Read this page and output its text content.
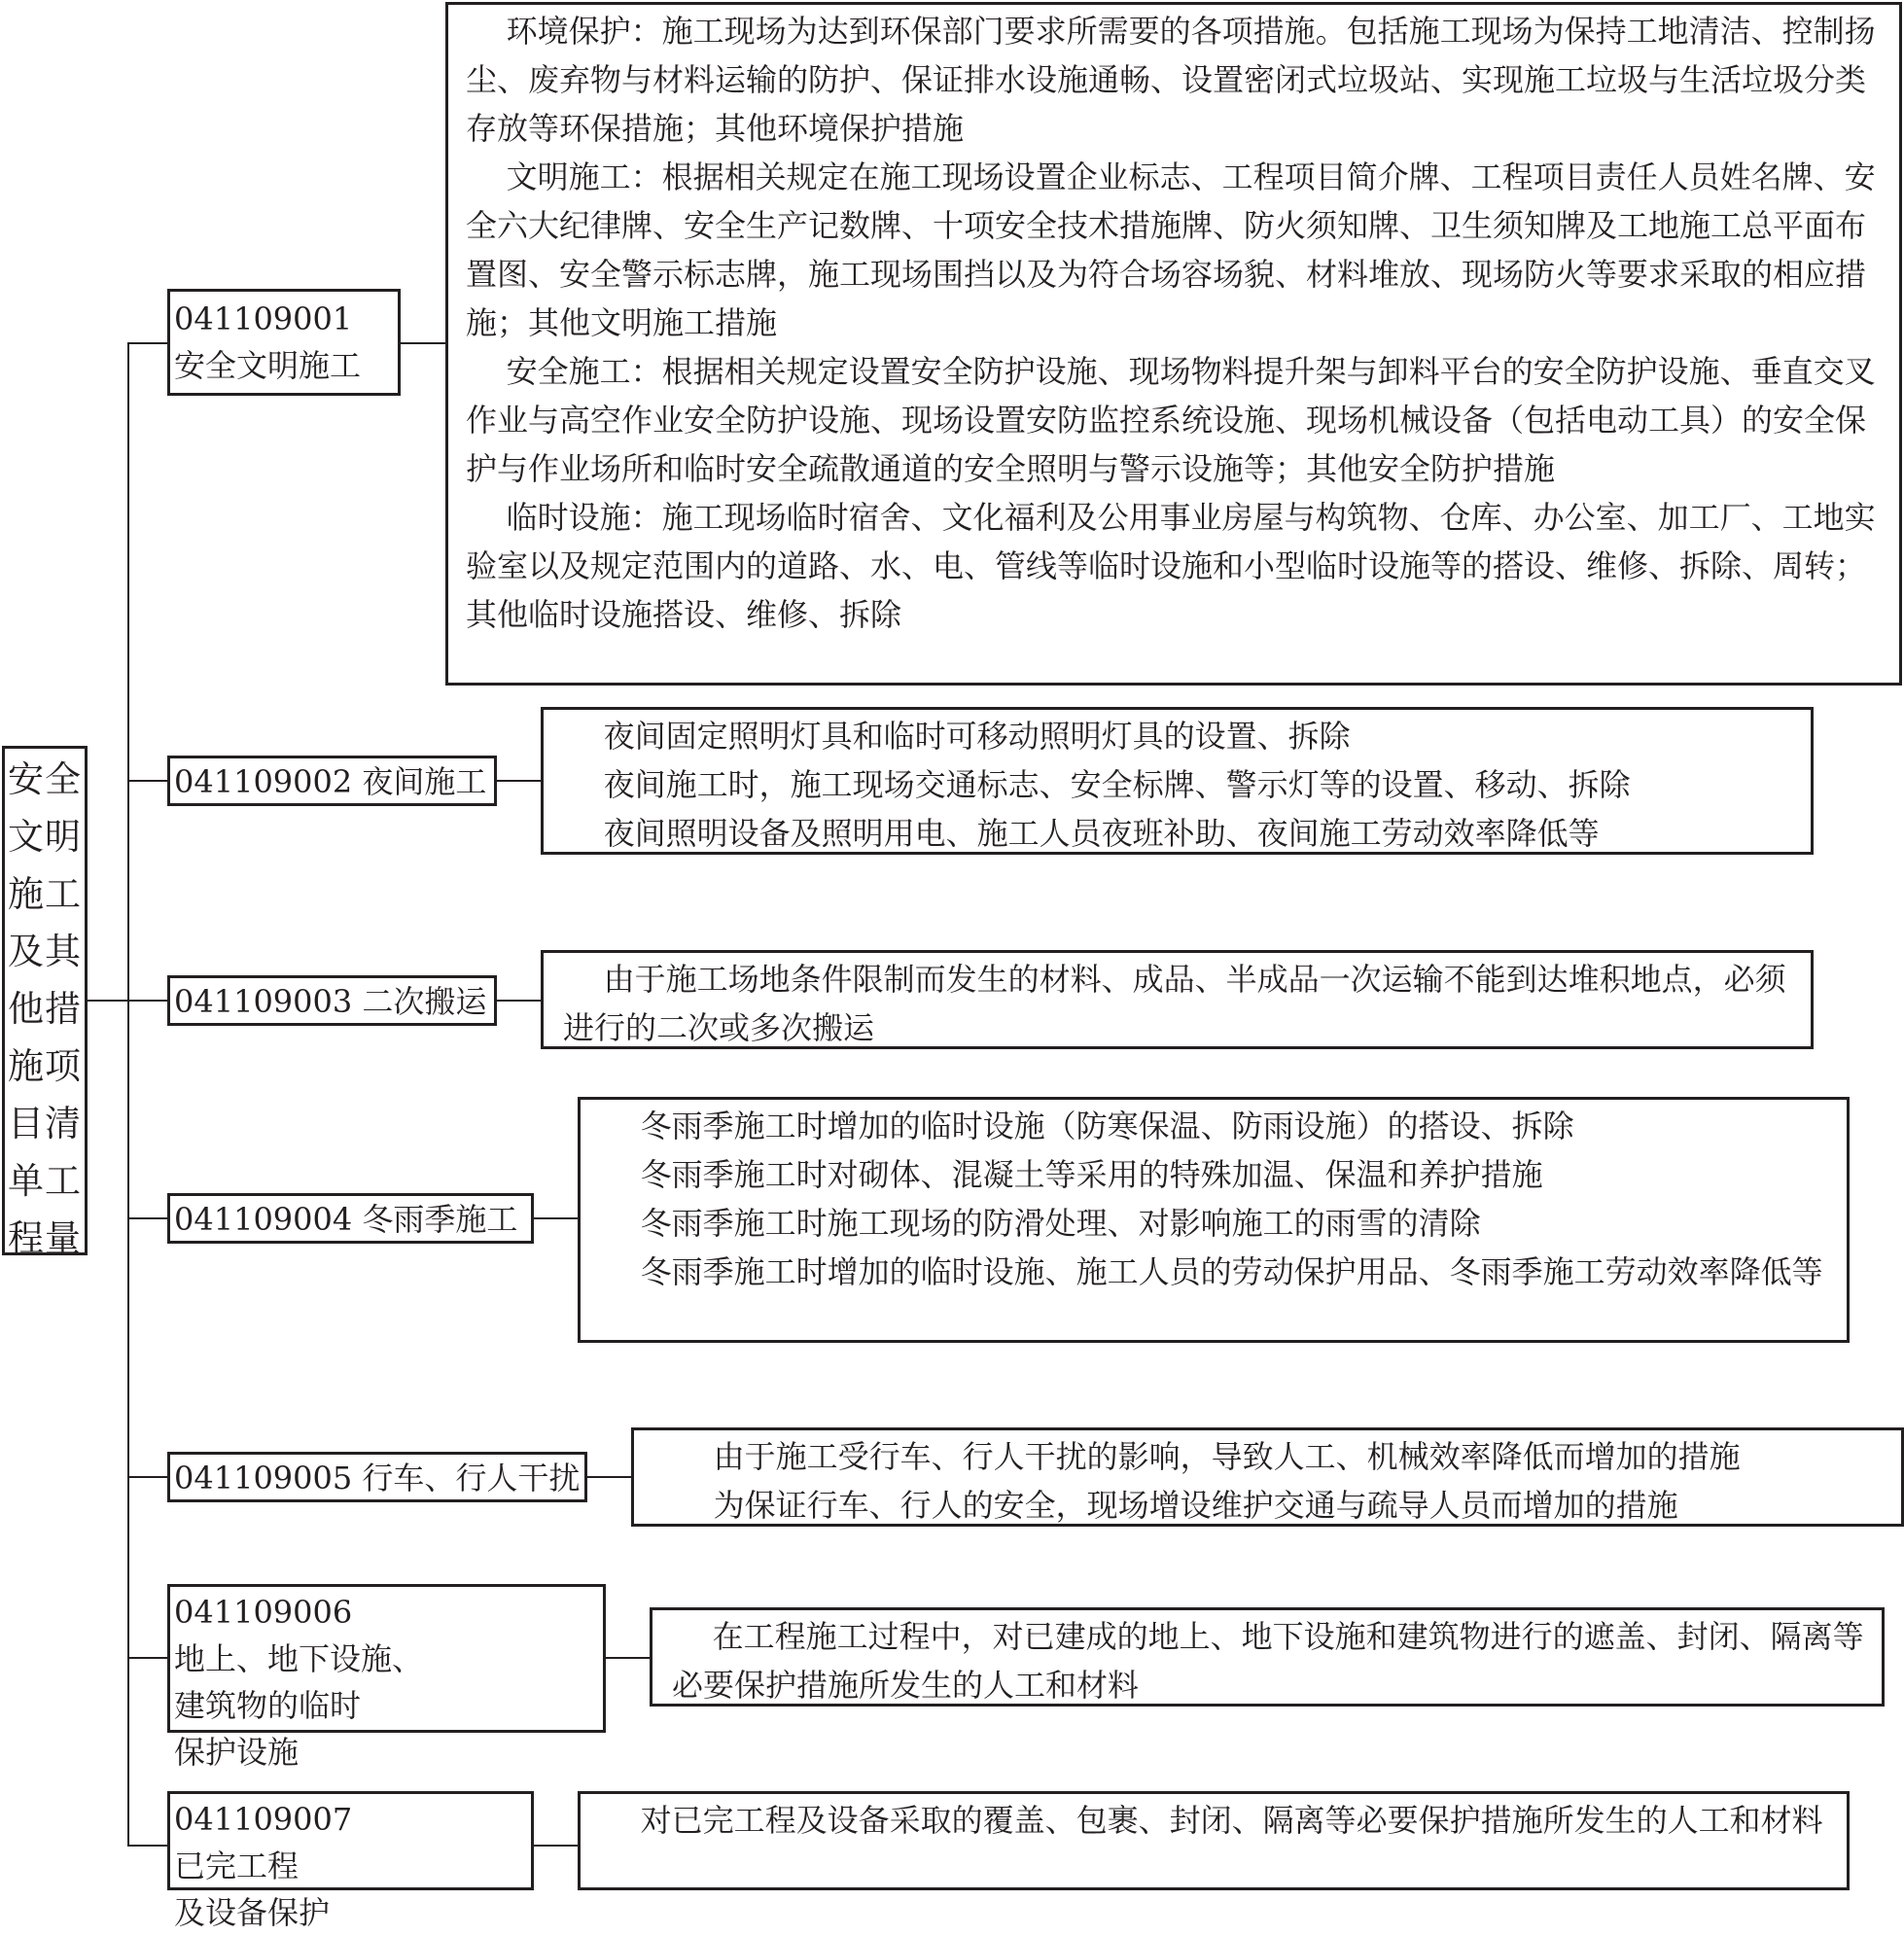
安全
文明
施工
及其
他措
施项
目清
单工
程量
041109001
安全文明施工

环境保护：施工现场为达到环保部门要求所需要的各项措施。包括施工现场为保持工地清洁、控制扬尘、废弃物与材料运输的防护、保证排水设施通畅、设置密闭式垃圾站、实现施工垃圾与生活垃圾分类存放等环保措施；其他环境保护措施

文明施工：根据相关规定在施工现场设置企业标志、工程项目简介牌、工程项目责任人员姓名牌、安全六大纪律牌、安全生产记数牌、十项安全技术措施牌、防火须知牌、卫生须知牌及工地施工总平面布置图、安全警示标志牌，施工现场围挡以及为符合场容场貌、材料堆放、现场防火等要求采取的相应措施；其他文明施工措施

安全施工：根据相关规定设置安全防护设施、现场物料提升架与卸料平台的安全防护设施、垂直交叉作业与高空作业安全防护设施、现场设置安防监控系统设施、现场机械设备（包括电动工具）的安全保护与作业场所和临时安全疏散通道的安全照明与警示设施等；其他安全防护措施

临时设施：施工现场临时宿舍、文化福利及公用事业房屋与构筑物、仓库、办公室、加工厂、工地实验室以及规定范围内的道路、水、电、管线等临时设施和小型临时设施等的搭设、维修、拆除、周转；其他临时设施搭设、维修、拆除

041109002 夜间施工

夜间固定照明灯具和临时可移动照明灯具的设置、拆除

夜间施工时，施工现场交通标志、安全标牌、警示灯等的设置、移动、拆除

夜间照明设备及照明用电、施工人员夜班补助、夜间施工劳动效率降低等

041109003 二次搬运

由于施工场地条件限制而发生的材料、成品、半成品一次运输不能到达堆积地点，必须进行的二次或多次搬运

041109004 冬雨季施工

冬雨季施工时增加的临时设施（防寒保温、防雨设施）的搭设、拆除

冬雨季施工时对砌体、混凝土等采用的特殊加温、保温和养护措施

冬雨季施工时施工现场的防滑处理、对影响施工的雨雪的清除

冬雨季施工时增加的临时设施、施工人员的劳动保护用品、冬雨季施工劳动效率降低等

041109005 行车、行人干扰

由于施工受行车、行人干扰的影响，导致人工、机械效率降低而增加的措施

为保证行车、行人的安全，现场增设维护交通与疏导人员而增加的措施

041109006
地上、地下设施、
建筑物的临时
保护设施

在工程施工过程中，对已建成的地上、地下设施和建筑物进行的遮盖、封闭、隔离等必要保护措施所发生的人工和材料

041109007
已完工程
及设备保护

对已完工程及设备采取的覆盖、包裹、封闭、隔离等必要保护措施所发生的人工和材料
